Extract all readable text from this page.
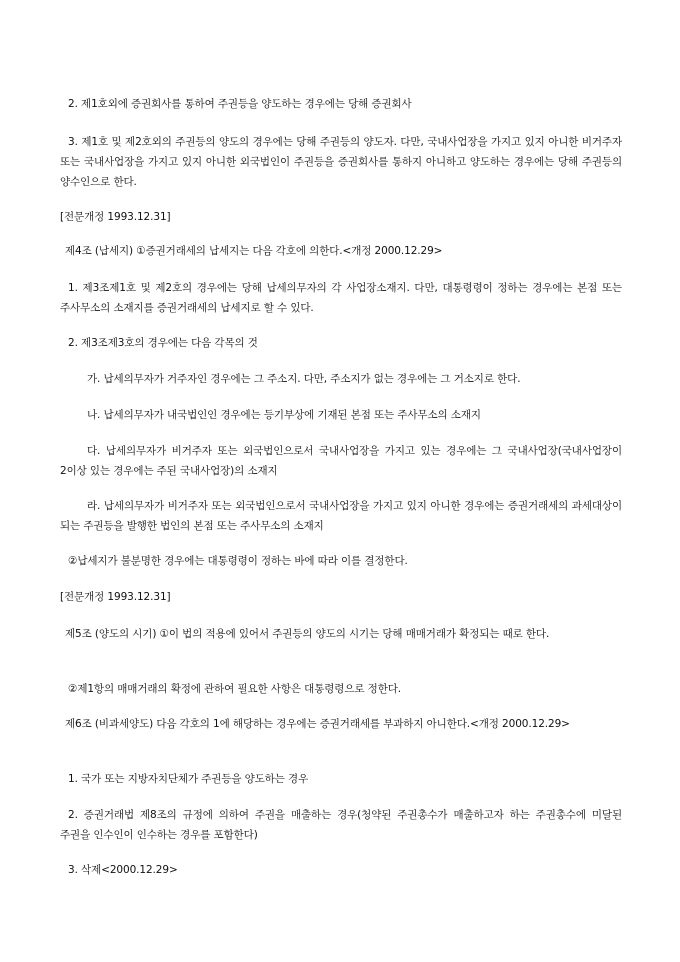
2. 제1호외에 증권회사를 통하여 주권등을 양도하는 경우에는 당해 증권회사

3. 제1호 및 제2호외의 주권등의 양도의 경우에는 당해 주권등의 양도자. 다만, 국내사업장을 가지고 있지 아니한 비거주자 또는 국내사업장을 가지고 있지 아니한 외국법인이 주권등을 증권회사를 통하지 아니하고 양도하는 경우에는 당해 주권등의 양수인으로 한다.

[전문개정 1993.12.31]

제4조 (납세지) ①증권거래세의 납세지는 다음 각호에 의한다.<개정 2000.12.29>

1. 제3조제1호 및 제2호의 경우에는 당해 납세의무자의 각 사업장소재지. 다만, 대통령령이 정하는 경우에는 본점 또는 주사무소의 소재지를 증권거래세의 납세지로 할 수 있다.

2. 제3조제3호의 경우에는 다음 각목의 것

가. 납세의무자가 거주자인 경우에는 그 주소지. 다만, 주소지가 없는 경우에는 그 거소지로 한다.

나. 납세의무자가 내국법인인 경우에는 등기부상에 기재된 본점 또는 주사무소의 소재지

다. 납세의무자가 비거주자 또는 외국법인으로서 국내사업장을 가지고 있는 경우에는 그 국내사업장(국내사업장이 2이상 있는 경우에는 주된 국내사업장)의 소재지

라. 납세의무자가 비거주자 또는 외국법인으로서 국내사업장을 가지고 있지 아니한 경우에는 증권거래세의 과세대상이 되는 주권등을 발행한 법인의 본점 또는 주사무소의 소재지

②납세지가 불분명한 경우에는 대통령령이 정하는 바에 따라 이를 결정한다.

[전문개정 1993.12.31]

제5조 (양도의 시기) ①이 법의 적용에 있어서 주권등의 양도의 시기는 당해 매매거래가 확정되는 때로 한다.

②제1항의 매매거래의 확정에 관하여 필요한 사항은 대통령령으로 정한다.

제6조 (비과세양도) 다음 각호의 1에 해당하는 경우에는 증권거래세를 부과하지 아니한다.<개정 2000.12.29>

1. 국가 또는 지방자치단체가 주권등을 양도하는 경우

2. 증권거래법 제8조의 규정에 의하여 주권을 매출하는 경우(청약된 주권총수가 매출하고자 하는 주권총수에 미달된 주권을 인수인이 인수하는 경우를 포함한다)

3. 삭제<2000.12.29>
